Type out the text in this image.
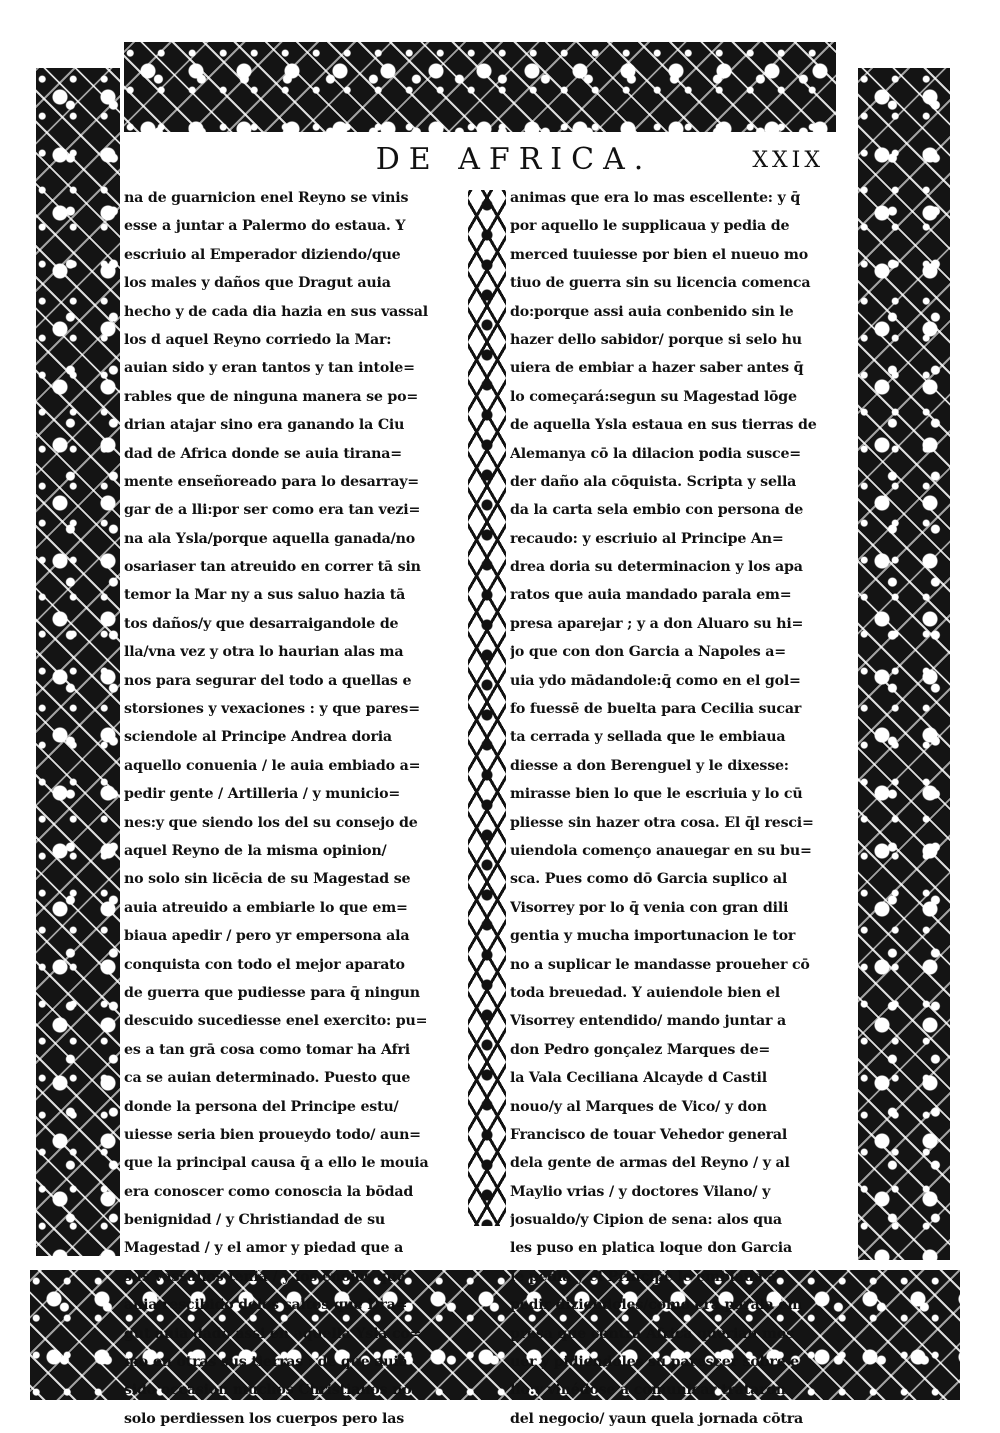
DE AFRICA.	XXIX
na de guarnicion enel Reyno se vinis
esse a juntar a Palermo do estaua. Y
escriuio al Emperador diziendo/que
los males y daños que Dragut auia
hecho y de cada dia hazia en sus vassal
los d aquel Reyno corriedo la Mar:
auian sido y eran tantos y tan intole=
rables que de ninguna manera se po=
drian atajar sino era ganando la Ciu
dad de Africa donde se auia tirana=
mente enseñoreado para lo desarray=
gar de a lli:por ser como era tan vezi=
na ala Ysla/porque aquella ganada/no
osariaser tan atreuido en correr tā sin
temor la Mar ny a sus saluo hazia tā
tos daños/y que desarraigandole de
lla/vna vez y otra lo haurian alas ma
nos para segurar del todo a quellas e
storsiones y vexaciones : y que pares=
sciendole al Principe Andrea doria
aquello conuenia / le auia embiado a=
pedir gente / Artilleria / y municio=
nes:y que siendo los del su consejo de
aquel Reyno de la misma opinion/
no solo sin licēcia de su Magestad se
auia atreuido a embiarle lo que em=
biaua apedir / pero yr empersona ala
conquista con todo el mejor aparato
de guerra que pudiesse para q̄ ningun
descuido sucediesse enel exercito: pu=
es a tan grā cosa como tomar ha Afri
ca se auian determinado. Puesto que
donde la persona del Principe estu/
uiesse seria bien proueydo todo/ aun=
que la principal causa q̄ a ello le mouia
era conoscer como conoscia la bōdad
benignidad / y Christiandad de su
Magestad / y el amor y piedad que a
sus vassallos tenia / y los enojos que
auia rescibido delos saltos que Dra=
gut auia dado assi en aquella Ysla co=
mo en otras sus tierras : de que auia
sido occasion muchos Christianos no
solo perdiessen los cuerpos pero las
animas que era lo mas escellente: y q̄
por aquello le supplicaua y pedia de
merced tuuiesse por bien el nueuo mo
tiuo de guerra sin su licencia comenca
do:porque assi auia conbenido sin le
hazer dello sabidor/ porque si selo hu
uiera de embiar a hazer saber antes q̄
lo começará:segun su Magestad lōge
de aquella Ysla estaua en sus tierras de
Alemanya cō la dilacion podia susce=
der daño ala cōquista. Scripta y sella
da la carta sela embio con persona de
recaudo: y escriuio al Principe An=
drea doria su determinacion y los apa
ratos que auia mandado parala em=
presa aparejar ; y a don Aluaro su hi=
jo que con don Garcia a Napoles a=
uia ydo mādandole:q̄ como en el gol=
fo fuessē de buelta para Cecilia sucar
ta cerrada y sellada que le embiaua
diesse a don Berenguel y le dixesse:
mirasse bien lo que le escriuia y lo cū
pliesse sin hazer otra cosa. El q̄l resci=
uiendola començo anauegar en su bu=
sca. Pues como dō Garcia suplico al
Visorrey por lo q̄ venia con gran dili
gentia y mucha importunacion le tor
no a suplicar le mandasse proueher cō
toda breuedad. Y auiendole bien el
Visorrey entendido/ mando juntar a
don Pedro gonçalez Marques de=
la Vala Ceciliana Alcayde d Castil
nouo/y al Marques de Vico/ y don
Francisco de touar Vehedor general
dela gente de armas del Reyno / y al
Maylio vrias / y doctores Vilano/ y
josualdo/y Cipion de sena: alos qua
les puso en platica loque don Garcia
le pedia y el Principe le embiaua a
pedir diziendoles/como era parala em
presa que contra Africa querian mos
uer y pidiendoles su parescer sobre e
llo:y vinédose a comunicar trataron
del negocio/ yaun quela jornada cōtra
